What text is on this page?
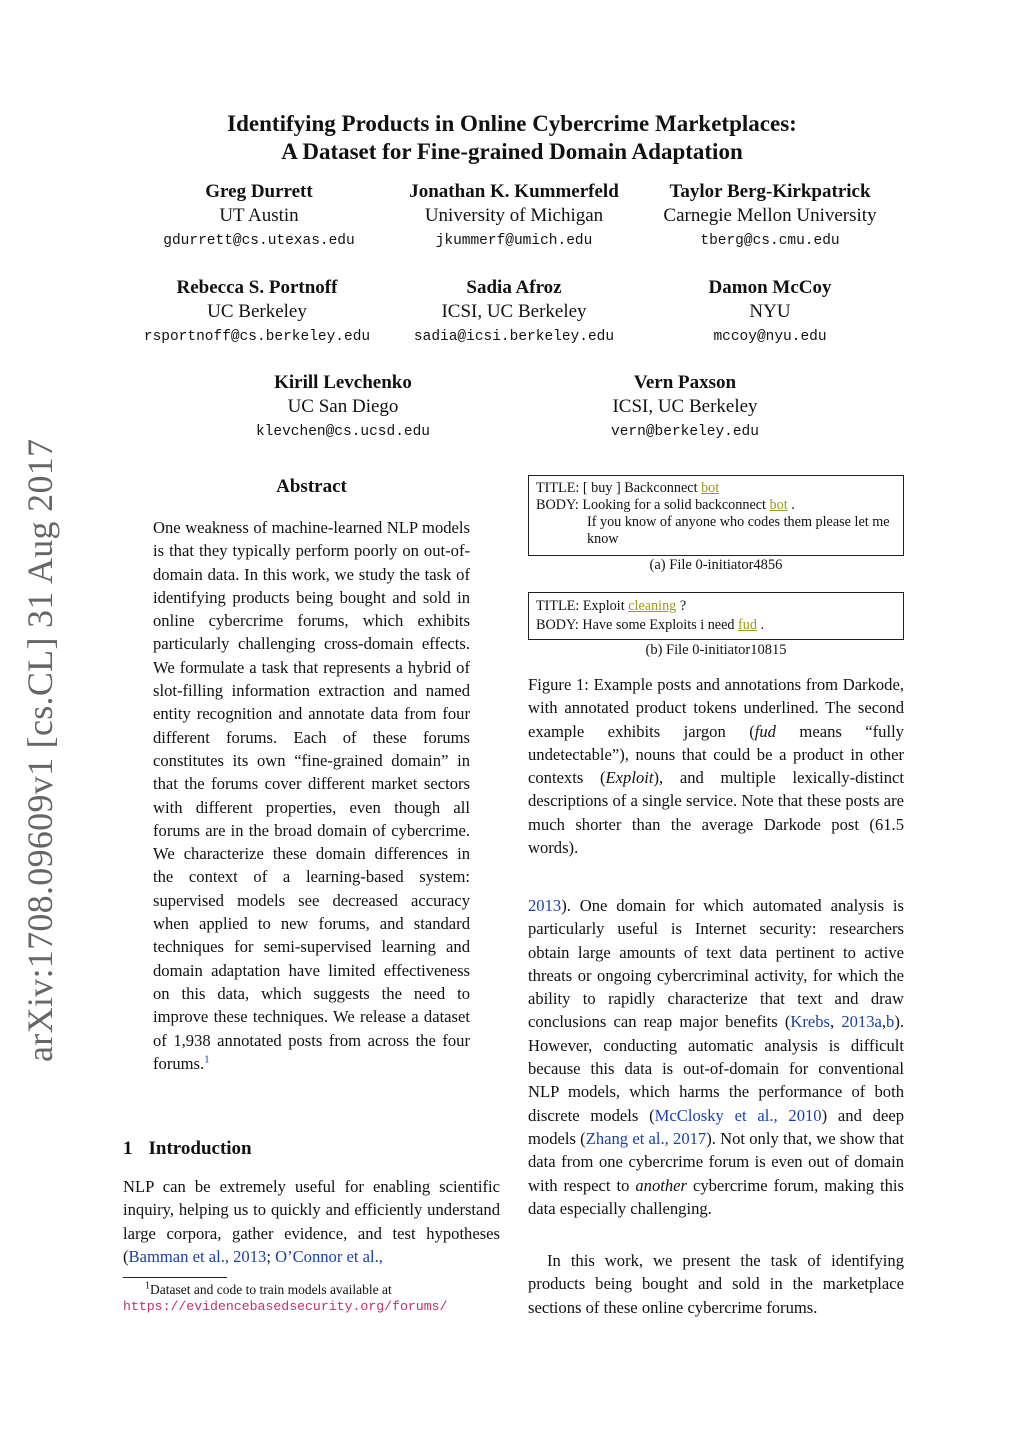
arXiv:1708.09609v1 [cs.CL] 31 Aug 2017
Identifying Products in Online Cybercrime Marketplaces:
A Dataset for Fine-grained Domain Adaptation
Greg Durrett
UT Austin
gdurrett@cs.utexas.edu
Jonathan K. Kummerfeld
University of Michigan
jkummerf@umich.edu
Taylor Berg-Kirkpatrick
Carnegie Mellon University
tberg@cs.cmu.edu
Rebecca S. Portnoff
UC Berkeley
rsportnoff@cs.berkeley.edu
Sadia Afroz
ICSI, UC Berkeley
sadia@icsi.berkeley.edu
Damon McCoy
NYU
mccoy@nyu.edu
Kirill Levchenko
UC San Diego
klevchen@cs.ucsd.edu
Vern Paxson
ICSI, UC Berkeley
vern@berkeley.edu
Abstract
One weakness of machine-learned NLP models is that they typically perform poorly on out-of-domain data. In this work, we study the task of identifying products being bought and sold in online cybercrime forums, which exhibits particularly challenging cross-domain effects. We formulate a task that represents a hybrid of slot-filling information extraction and named entity recognition and annotate data from four different forums. Each of these forums constitutes its own “fine-grained domain” in that the forums cover different market sectors with different properties, even though all forums are in the broad domain of cybercrime. We characterize these domain differences in the context of a learning-based system: supervised models see decreased accuracy when applied to new forums, and standard techniques for semi-supervised learning and domain adaptation have limited effectiveness on this data, which suggests the need to improve these techniques. We release a dataset of 1,938 annotated posts from across the four forums.$^1$
1 Introduction
NLP can be extremely useful for enabling scientific inquiry, helping us to quickly and efficiently understand large corpora, gather evidence, and test hypotheses (Bamman et al., 2013; O’Connor et al.,
$^1$Dataset and code to train models available at
https://evidencebasedsecurity.org/forums/
TITLE:
[ buy ] Backconnect bot
BODY:
Looking for a solid backconnect bot .
If you know of anyone who codes them please let me know
(a) File 0-initiator4856
TITLE:
Exploit cleaning ?
BODY:
Have some Exploits i need fud .
(b) File 0-initiator10815
Figure 1: Example posts and annotations from Darkode, with annotated product tokens underlined. The second example exhibits jargon (fud means “fully undetectable”), nouns that could be a product in other contexts (Exploit), and multiple lexically-distinct descriptions of a single service. Note that these posts are much shorter than the average Darkode post (61.5 words).
2013). One domain for which automated analysis is particularly useful is Internet security: researchers obtain large amounts of text data pertinent to active threats or ongoing cybercriminal activity, for which the ability to rapidly characterize that text and draw conclusions can reap major benefits (Krebs, 2013a,b). However, conducting automatic analysis is difficult because this data is out-of-domain for conventional NLP models, which harms the performance of both discrete models (McClosky et al., 2010) and deep models (Zhang et al., 2017). Not only that, we show that data from one cybercrime forum is even out of domain with respect to another cybercrime forum, making this data especially challenging.
In this work, we present the task of identifying products being bought and sold in the marketplace sections of these online cybercrime forums.
